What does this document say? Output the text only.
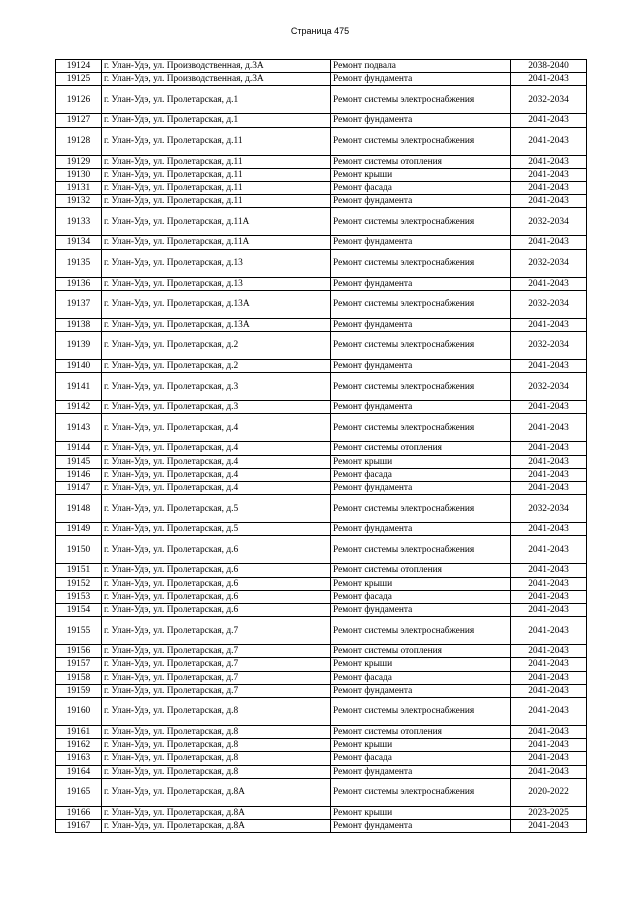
Страница 475
19124	г. Улан-Удэ, ул. Производственная, д.3А	Ремонт подвала	2038-2040
19125	г. Улан-Удэ, ул. Производственная, д.3А	Ремонт фундамента	2041-2043
19126	г. Улан-Удэ, ул. Пролетарская, д.1	Ремонт системы электроснабжения	2032-2034
19127	г. Улан-Удэ, ул. Пролетарская, д.1	Ремонт фундамента	2041-2043
19128	г. Улан-Удэ, ул. Пролетарская, д.11	Ремонт системы электроснабжения	2041-2043
19129	г. Улан-Удэ, ул. Пролетарская, д.11	Ремонт системы отопления	2041-2043
19130	г. Улан-Удэ, ул. Пролетарская, д.11	Ремонт крыши	2041-2043
19131	г. Улан-Удэ, ул. Пролетарская, д.11	Ремонт фасада	2041-2043
19132	г. Улан-Удэ, ул. Пролетарская, д.11	Ремонт фундамента	2041-2043
19133	г. Улан-Удэ, ул. Пролетарская, д.11А	Ремонт системы электроснабжения	2032-2034
19134	г. Улан-Удэ, ул. Пролетарская, д.11А	Ремонт фундамента	2041-2043
19135	г. Улан-Удэ, ул. Пролетарская, д.13	Ремонт системы электроснабжения	2032-2034
19136	г. Улан-Удэ, ул. Пролетарская, д.13	Ремонт фундамента	2041-2043
19137	г. Улан-Удэ, ул. Пролетарская, д.13А	Ремонт системы электроснабжения	2032-2034
19138	г. Улан-Удэ, ул. Пролетарская, д.13А	Ремонт фундамента	2041-2043
19139	г. Улан-Удэ, ул. Пролетарская, д.2	Ремонт системы электроснабжения	2032-2034
19140	г. Улан-Удэ, ул. Пролетарская, д.2	Ремонт фундамента	2041-2043
19141	г. Улан-Удэ, ул. Пролетарская, д.3	Ремонт системы электроснабжения	2032-2034
19142	г. Улан-Удэ, ул. Пролетарская, д.3	Ремонт фундамента	2041-2043
19143	г. Улан-Удэ, ул. Пролетарская, д.4	Ремонт системы электроснабжения	2041-2043
19144	г. Улан-Удэ, ул. Пролетарская, д.4	Ремонт системы отопления	2041-2043
19145	г. Улан-Удэ, ул. Пролетарская, д.4	Ремонт крыши	2041-2043
19146	г. Улан-Удэ, ул. Пролетарская, д.4	Ремонт фасада	2041-2043
19147	г. Улан-Удэ, ул. Пролетарская, д.4	Ремонт фундамента	2041-2043
19148	г. Улан-Удэ, ул. Пролетарская, д.5	Ремонт системы электроснабжения	2032-2034
19149	г. Улан-Удэ, ул. Пролетарская, д.5	Ремонт фундамента	2041-2043
19150	г. Улан-Удэ, ул. Пролетарская, д.6	Ремонт системы электроснабжения	2041-2043
19151	г. Улан-Удэ, ул. Пролетарская, д.6	Ремонт системы отопления	2041-2043
19152	г. Улан-Удэ, ул. Пролетарская, д.6	Ремонт крыши	2041-2043
19153	г. Улан-Удэ, ул. Пролетарская, д.6	Ремонт фасада	2041-2043
19154	г. Улан-Удэ, ул. Пролетарская, д.6	Ремонт фундамента	2041-2043
19155	г. Улан-Удэ, ул. Пролетарская, д.7	Ремонт системы электроснабжения	2041-2043
19156	г. Улан-Удэ, ул. Пролетарская, д.7	Ремонт системы отопления	2041-2043
19157	г. Улан-Удэ, ул. Пролетарская, д.7	Ремонт крыши	2041-2043
19158	г. Улан-Удэ, ул. Пролетарская, д.7	Ремонт фасада	2041-2043
19159	г. Улан-Удэ, ул. Пролетарская, д.7	Ремонт фундамента	2041-2043
19160	г. Улан-Удэ, ул. Пролетарская, д.8	Ремонт системы электроснабжения	2041-2043
19161	г. Улан-Удэ, ул. Пролетарская, д.8	Ремонт системы отопления	2041-2043
19162	г. Улан-Удэ, ул. Пролетарская, д.8	Ремонт крыши	2041-2043
19163	г. Улан-Удэ, ул. Пролетарская, д.8	Ремонт фасада	2041-2043
19164	г. Улан-Удэ, ул. Пролетарская, д.8	Ремонт фундамента	2041-2043
19165	г. Улан-Удэ, ул. Пролетарская, д.8А	Ремонт системы электроснабжения	2020-2022
19166	г. Улан-Удэ, ул. Пролетарская, д.8А	Ремонт крыши	2023-2025
19167	г. Улан-Удэ, ул. Пролетарская, д.8А	Ремонт фундамента	2041-2043
